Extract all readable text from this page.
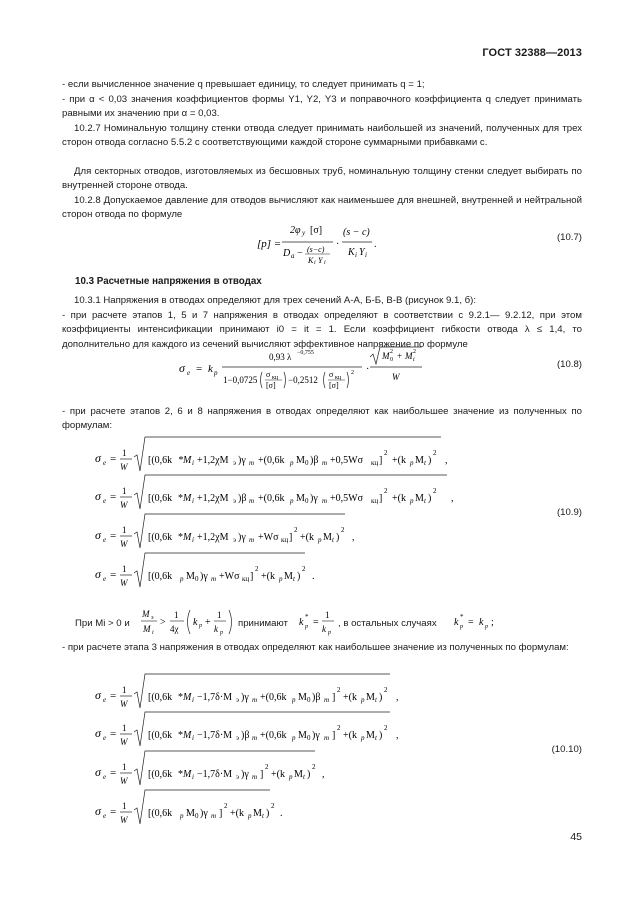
ГОСТ 32388—2013
- если вычисленное значение q превышает единицу, то следует принимать q = 1;
- при α < 0,03 значения коэффициентов формы Y1, Y2, Y3 и поправочного коэффициента q следует принимать равными их значению при α = 0,03.
10.2.7 Номинальную толщину стенки отвода следует принимать наибольшей из значений, полученных для трех сторон отвода согласно 5.5.2 с соответствующими каждой стороне суммарными прибавками c.
Для секторных отводов, изготовляемых из бесшовных труб, номинальную толщину стенки следует выбирать по внутренней стороне отвода.
10.2.8 Допускаемое давление для отводов вычисляют как наименьшее для внешней, внутренней и нейтральной сторон отвода по формуле
[p] =
2φ y [σ]
D a − (s−c)
K i Y i
·
(s − c)
K i Y i
.
(10.7)
10.3 Расчетные напряжения в отводах
10.3.1 Напряжения в отводах определяют для трех сечений А-А, Б-Б, В-В (рисунок 9.1, б):
- при расчете этапов 1, 5 и 7 напряжения в отводах определяют в соответствии с 9.2.1— 9.2.12, при этом коэффициенты интенсификации принимают i0 = it = 1. Если коэффициент гибкости отвода λ ≤ 1,4, то дополнительно для каждого из сечений вычисляют эффективное напряжение по формуле
σ e = k p
0,93 λ −0,755
1−0,0725
σ кц
[σ]
−0,2512
σ кц
[σ]
2 ·
M 0
2 + M t
2
W
(10.8)
- при расчете этапов 2, 6 и 8 напряжения в отводах определяют как наибольшее значение из полученных по формулам:
σ e = 1
W
[(0,6k * M i +1,2χM э )γ m +(0,6k p M 0 )β m +0,5Wσ кц ]
2
+(k p M t )
2
,
σ e = 1
W
[(0,6k * M i +1,2χM э )β m +(0,6k p M 0 )γ m +0,5Wσ кц ]
2
+(k p M t )
2
,
σ e = 1
W
[(0,6k * M i +1,2χM э )γ m +Wσ кц ]
2
+(k p M t )
2
,
σ e = 1
W
[(0,6k p M 0 )γ m +Wσ кц ]
2
+(k p M t )
2
.
(10.9)
При Mi > 0 и
M э
M i
>
1
4χ
k p +
1
k p
k *
p =
1
k p
k *
p = k p ;
принимают	, в остальных случаях
- при расчете этапа 3 напряжения в отводах определяют как наибольшее значение из полученных по формулам:
σ e = 1
W
[(0,6k * M i −1,7δ·M э )γ m +(0,6k p M 0 )β m ]
2
+(k p M t )
2
,
σ e = 1
W
[(0,6k * M i −1,7δ·M э )β m +(0,6k p M 0 )γ m ]
2
+(k p M t )
2
,
σ e = 1
W
[(0,6k * M i −1,7δ·M э )γ m ]
2
+(k p M t )
2
,
σ e = 1
W
[(0,6k p M 0 )γ m ]
2
+(k p M t )
2
.
(10.10)
45
